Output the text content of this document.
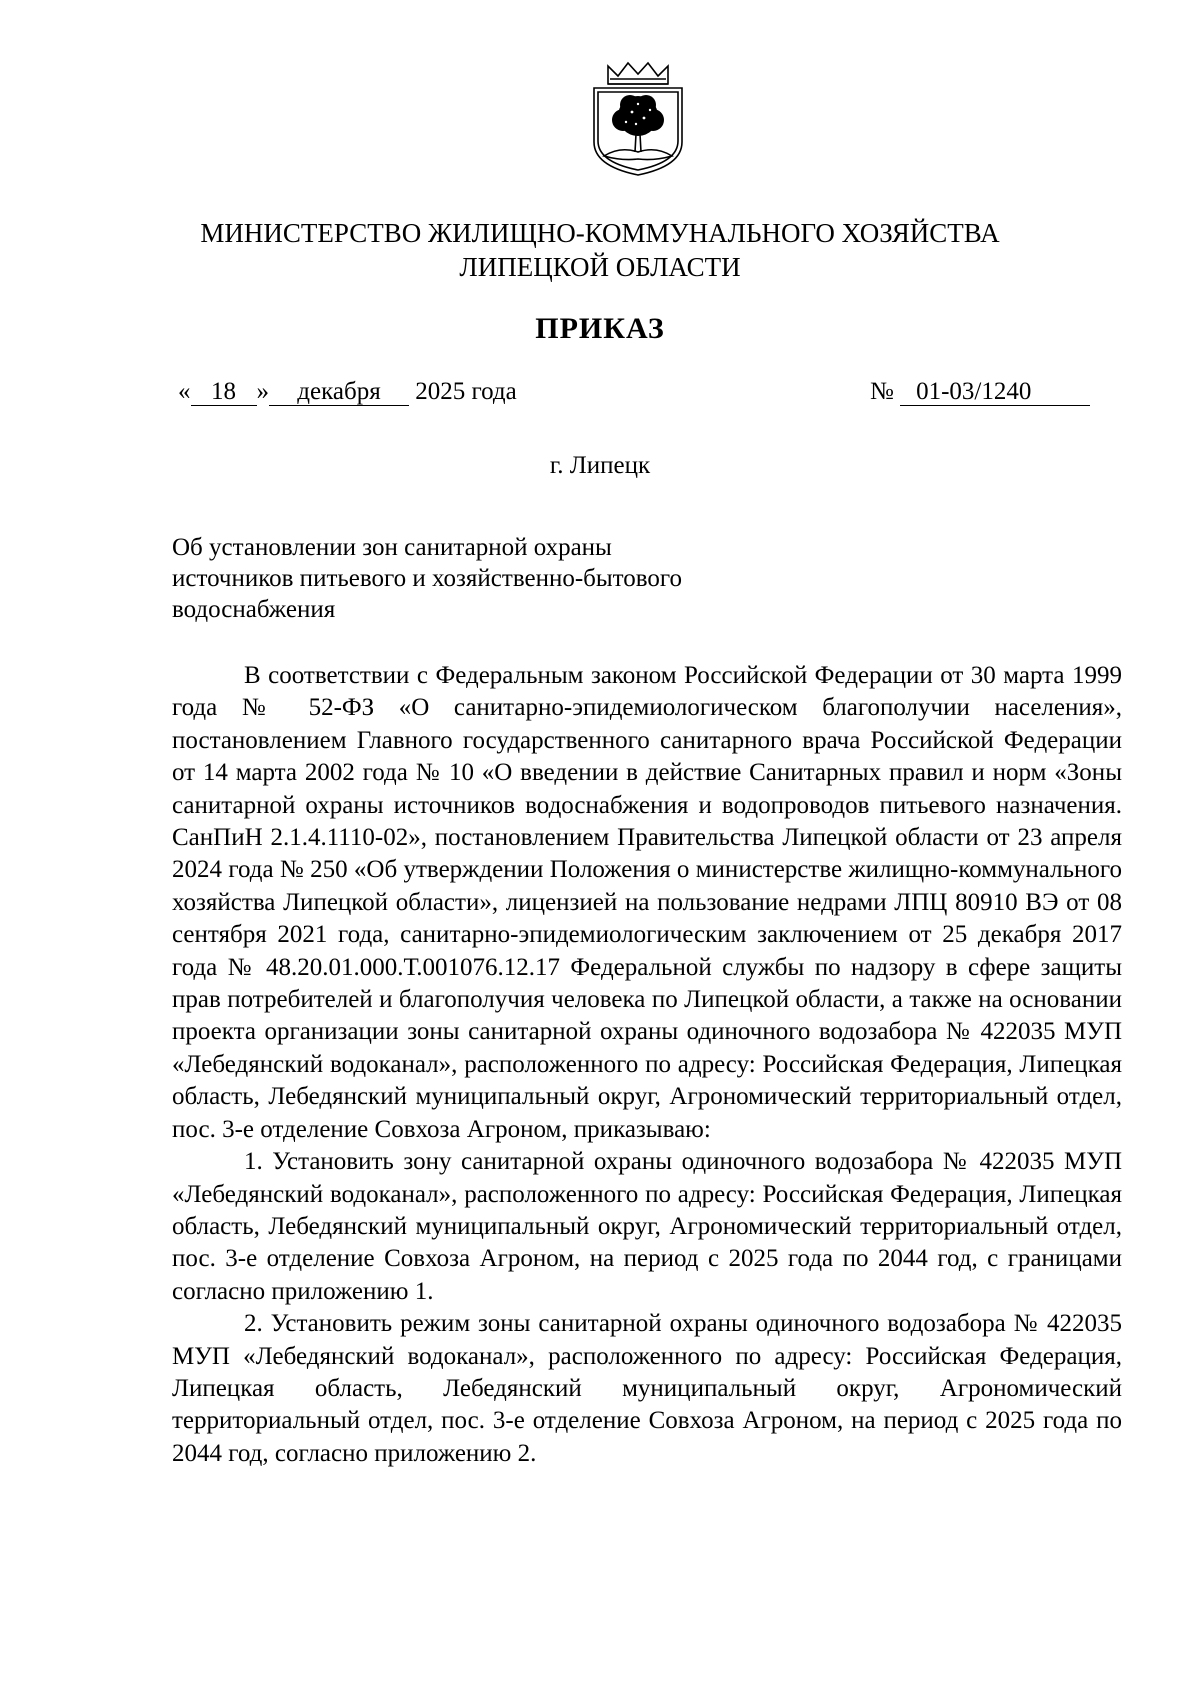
МИНИСТЕРСТВО ЖИЛИЩНО-КОММУНАЛЬНОГО ХОЗЯЙСТВА
ЛИПЕЦКОЙ ОБЛАСТИ
ПРИКАЗ
« 18 » декабря 2025 года	№ 01-03/1240
г. Липецк
Об установлении зон санитарной охраны
источников питьевого и хозяйственно-бытового
водоснабжения

В соответствии с Федеральным законом Российской Федерации от 30 марта 1999 года № 52-ФЗ «О санитарно-эпидемиологическом благополучии населения», постановлением Главного государственного санитарного врача Российской Федерации от 14 марта 2002 года № 10 «О введении в действие Санитарных правил и норм «Зоны санитарной охраны источников водоснабжения и водопроводов питьевого назначения. СанПиН 2.1.4.1110-02», постановлением Правительства Липецкой области от 23 апреля 2024 года № 250 «Об утверждении Положения о министерстве жилищно-коммунального хозяйства Липецкой области», лицензией на пользование недрами ЛПЦ 80910 ВЭ от 08 сентября 2021 года, санитарно-эпидемиологическим заключением от 25 декабря 2017 года № 48.20.01.000.Т.001076.12.17 Федеральной службы по надзору в сфере защиты прав потребителей и благополучия человека по Липецкой области, а также на основании проекта организации зоны санитарной охраны одиночного водозабора № 422035 МУП «Лебедянский водоканал», расположенного по адресу: Российская Федерация, Липецкая область, Лебедянский муниципальный округ, Агрономический территориальный отдел, пос. 3-е отделение Совхоза Агроном, приказываю:

1. Установить зону санитарной охраны одиночного водозабора № 422035 МУП «Лебедянский водоканал», расположенного по адресу: Российская Федерация, Липецкая область, Лебедянский муниципальный округ, Агрономический территориальный отдел, пос. 3-е отделение Совхоза Агроном, на период с 2025 года по 2044 год, с границами согласно приложению 1.

2. Установить режим зоны санитарной охраны одиночного водозабора № 422035 МУП «Лебедянский водоканал», расположенного по адресу: Российская Федерация, Липецкая область, Лебедянский муниципальный округ, Агрономический территориальный отдел, пос. 3-е отделение Совхоза Агроном, на период с 2025 года по 2044 год, согласно приложению 2.
